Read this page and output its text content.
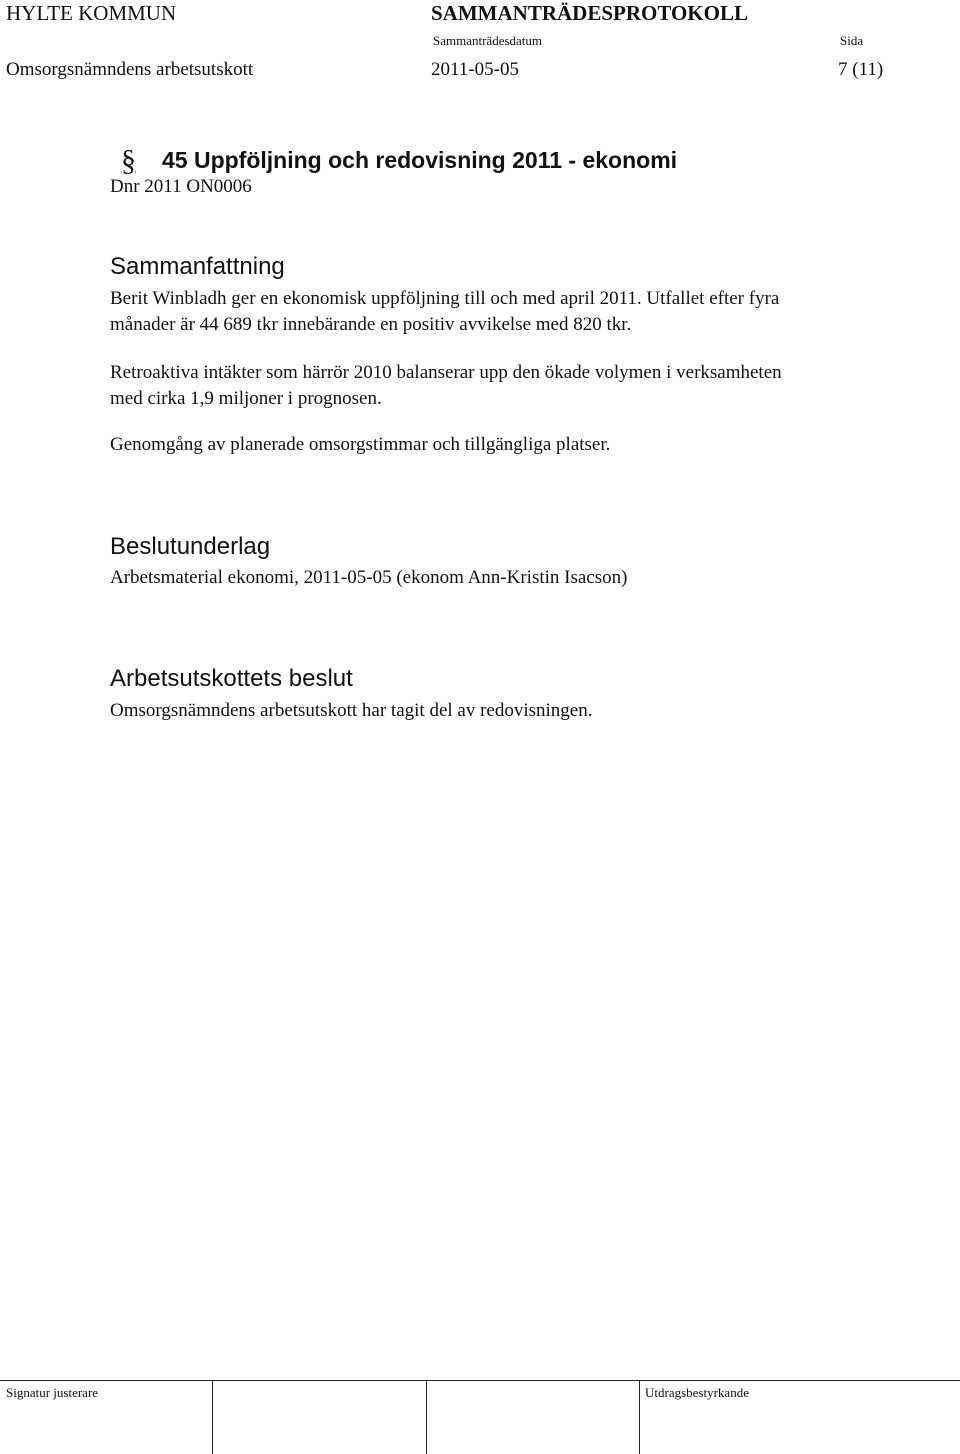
HYLTE KOMMUN	SAMMANTRÄDESPROTOKOLL
Sammanträdesdatum	Sida
Omsorgsnämndens arbetsutskott	2011-05-05	7 (11)
§ 45 Uppföljning och redovisning 2011 - ekonomi
Dnr 2011 ON0006
Sammanfattning
Berit Winbladh ger en ekonomisk uppföljning till och med april 2011. Utfallet efter fyra
månader är 44 689 tkr innebärande en positiv avvikelse med 820 tkr.
Retroaktiva intäkter som härrör 2010 balanserar upp den ökade volymen i verksamheten
med cirka 1,9 miljoner i prognosen.
Genomgång av planerade omsorgstimmar och tillgängliga platser.
Beslutunderlag
Arbetsmaterial ekonomi, 2011-05-05 (ekonom Ann-Kristin Isacson)
Arbetsutskottets beslut
Omsorgsnämndens arbetsutskott har tagit del av redovisningen.
Signatur justerare	Utdragsbestyrkande
